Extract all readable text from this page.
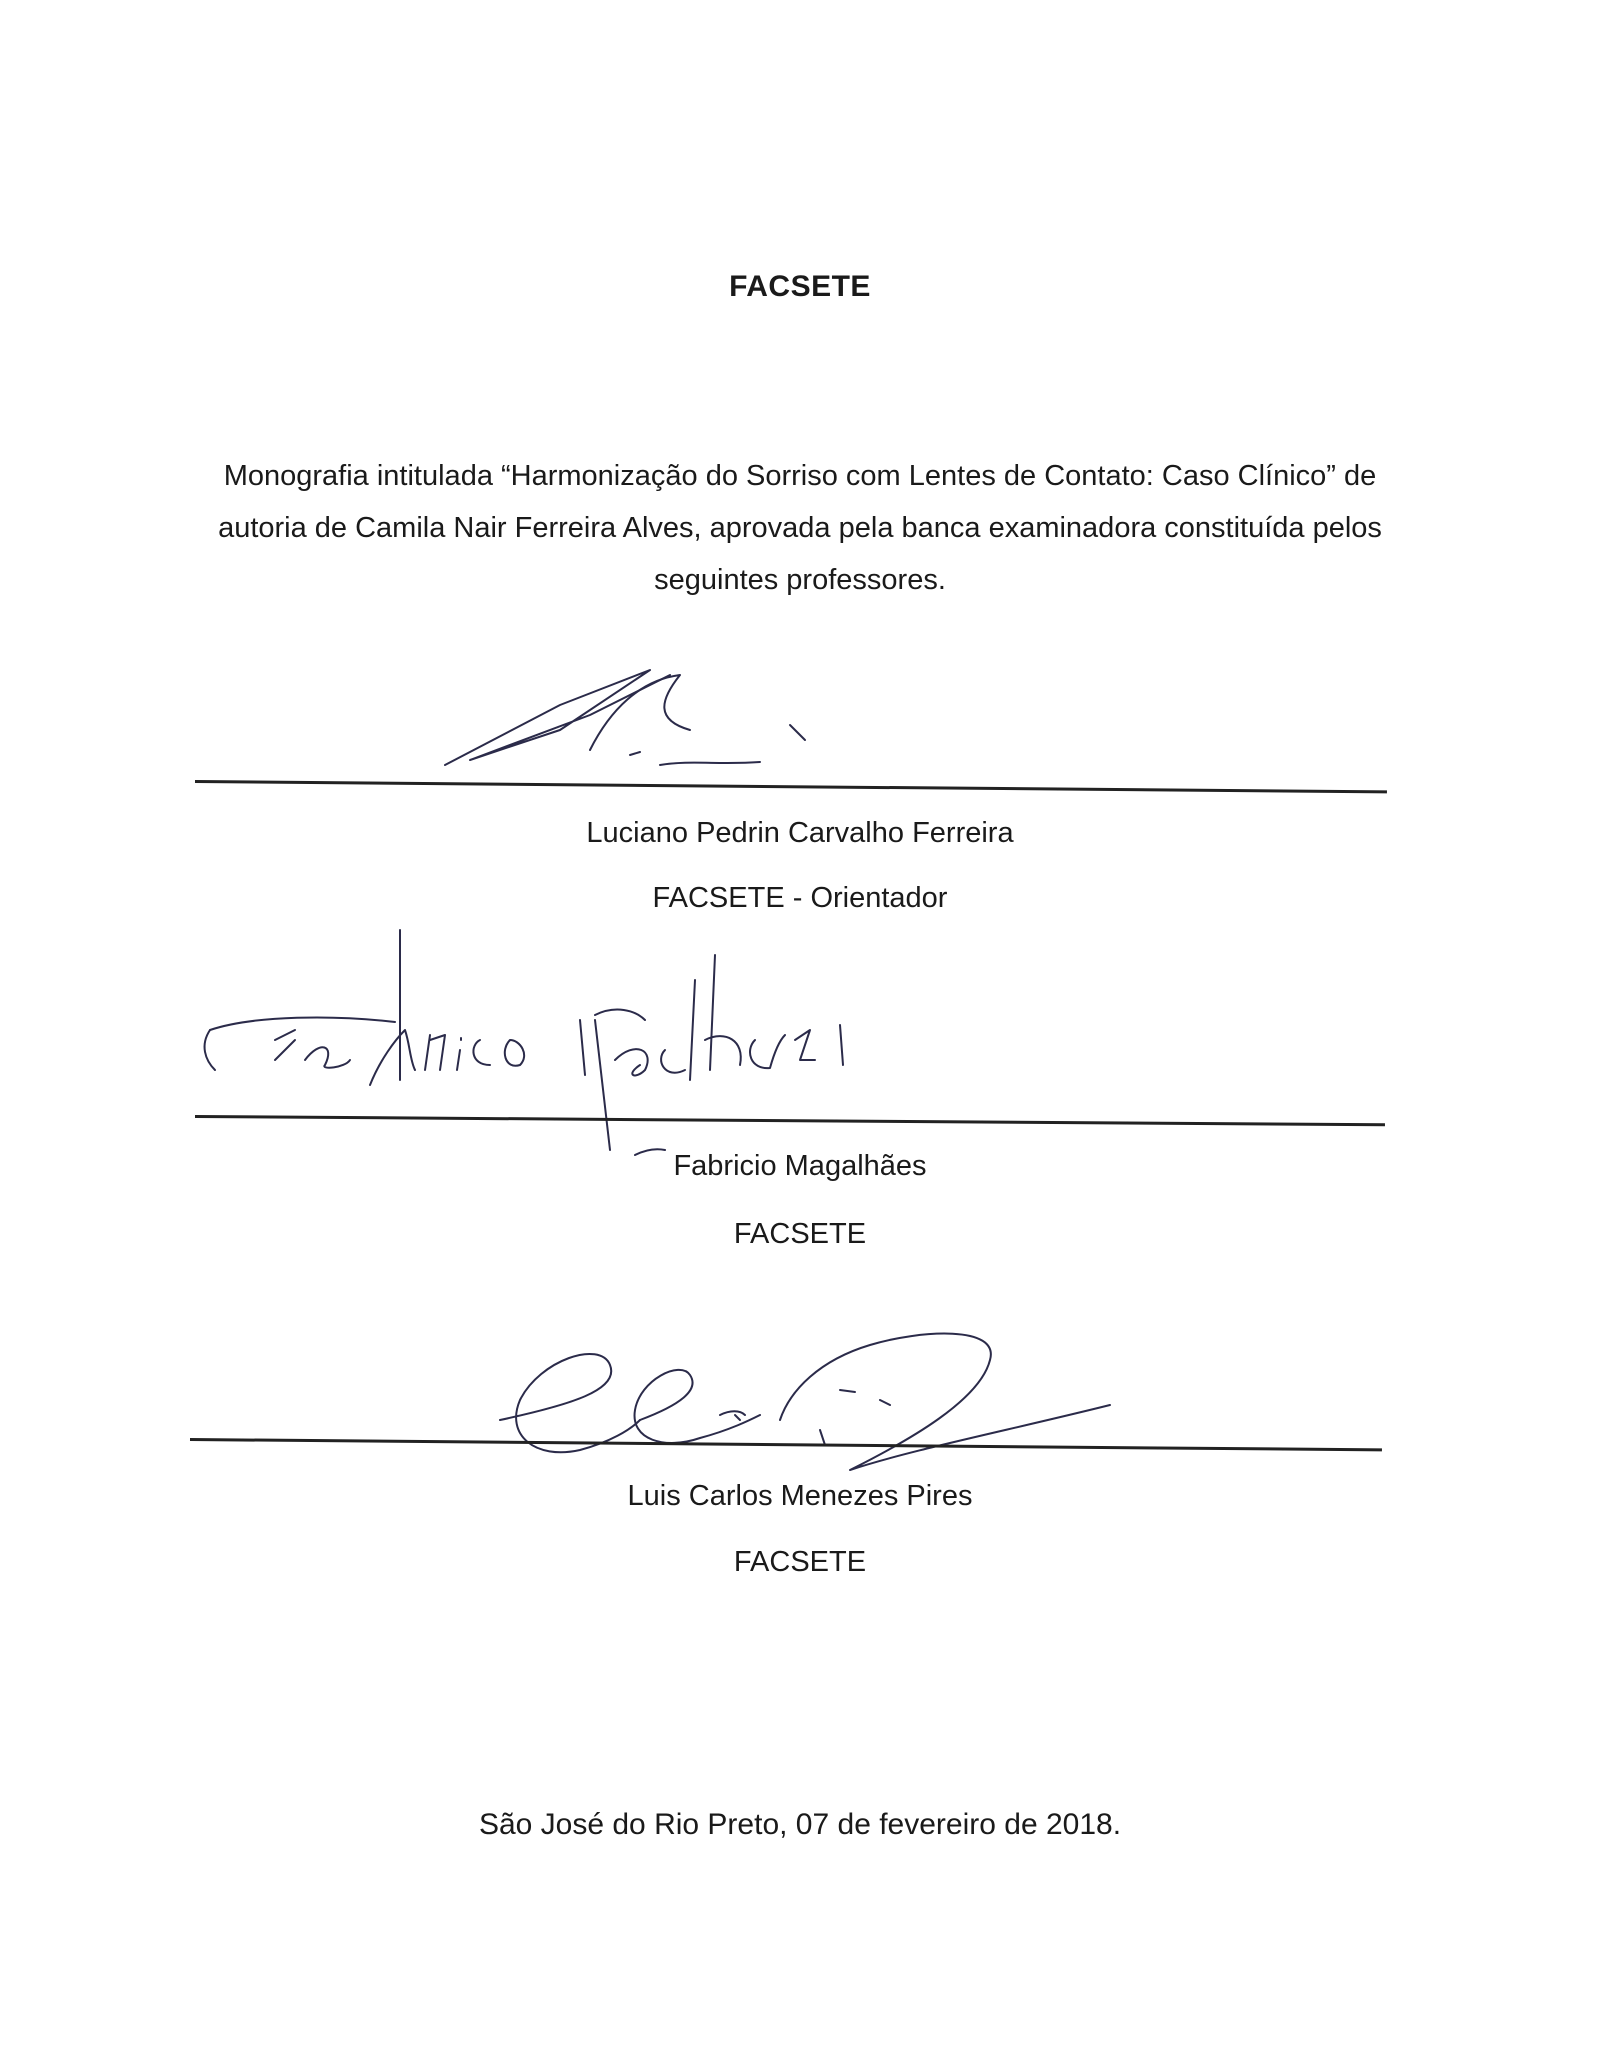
FACSETE
Monografia intitulada “Harmonização do Sorriso com Lentes de Contato: Caso Clínico” de autoria de Camila Nair Ferreira Alves, aprovada pela banca examinadora constituída pelos seguintes professores.
Luciano Pedrin Carvalho Ferreira
FACSETE - Orientador
Fabricio Magalhães
FACSETE
Luis Carlos Menezes Pires
FACSETE
São José do Rio Preto, 07 de fevereiro de 2018.
